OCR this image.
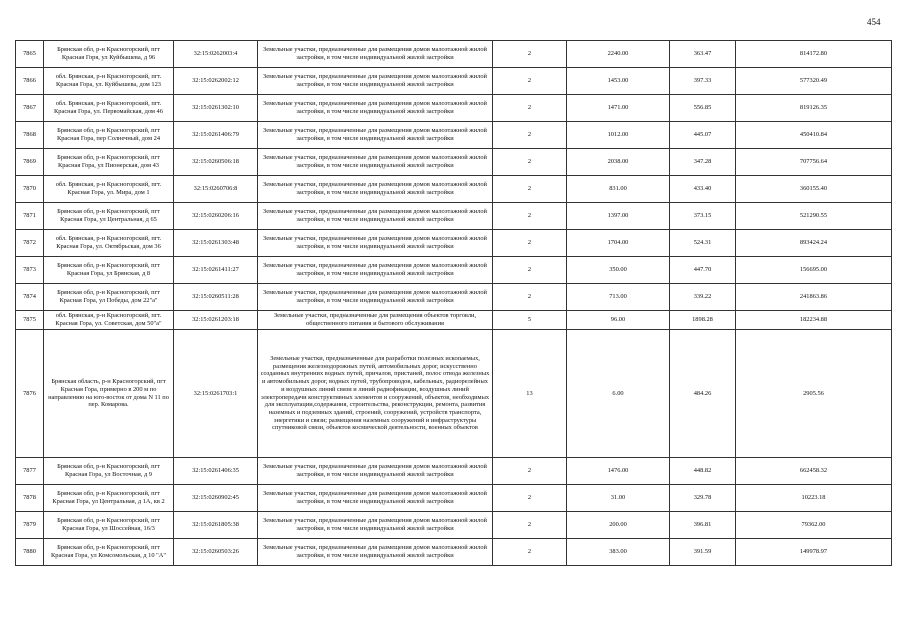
454
7865	Брянская обл, р-н Красногорский, пгт Красная Горя, ул Куйбышева, д 96	32:15:0262003:4	Земельные участки, предназначенные для размещения домов малоэтажной жилой застройки, в том числе индивидуальной жилой застройки	2	2240.00	363.47	814172.80
7866	обл. Брянская, р-н Красногорский, пгт. Красная Гора, ул. Куйбышева, дом 123	32:15:0262002:12	Земельные участки, предназначенные для размещения домов малоэтажной жилой застройки, в том числе индивидуальной жилой застройки	2	1453.00	397.33	577320.49
7867	обл. Брянская, р-н Красногорский, пгт. Красная Гора, ул. Первомайская, дом 46	32:15:0261302:10	Земельные участки, предназначенные для размещения домов малоэтажной жилой застройки, в том числе индивидуальной жилой застройки	2	1471.00	556.85	819126.35
7868	Брянская обл, р-н Красногорский, пгт Красная Гора, пер Солнечный, дом 24	32:15:0261406:79	Земельные участки, предназначенные для размещения домов малоэтажной жилой застройки, в том числе индивидуальной жилой застройки	2	1012.00	445.07	450410.84
7869	Брянская обл, р-н Красногорский, пгт Красная Гора, ул Пионерская, дом 43	32:15:0260506:18	Земельные участки, предназначенные для размещения домов малоэтажной жилой застройки, в том числе индивидуальной жилой застройки	2	2038.00	347.28	707756.64
7870	обл. Брянская, р-н Красногорский, пгт. Красная Гора, ул. Мира, дом 1	32:15:0260706:8	Земельные участки, предназначенные для размещения домов малоэтажной жилой застройки, в том числе индивидуальной жилой застройки	2	831.00	433.40	360155.40
7871	Брянская обл, р-н Красногорский, пгт Красная Гора, ул Центральная, д 65	32:15:0260206:16	Земельные участки, предназначенные для размещения домов малоэтажной жилой застройки, в том числе индивидуальной жилой застройки	2	1397.00	373.15	521290.55
7872	обл. Брянская, р-н Красногорский, пгт. Красная Гора, ул. Октябрьская, дом 36	32:15:0261303:48	Земельные участки, предназначенные для размещения домов малоэтажной жилой застройки, в том числе индивидуальной жилой застройки	2	1704.00	524.31	893424.24
7873	Брянская обл, р-н Красногорский, пгт Красная Гора, ул Брянская, д 8	32:15:0261411:27	Земельные участки, предназначенные для размещения домов малоэтажной жилой застройки, в том числе индивидуальной жилой застройки	2	350.00	447.70	156695.00
7874	Брянская обл, р-н Красногорский, пгт Красная Гора, ул Победы, дом 22"а"	32:15:0260511:28	Земельные участки, предназначенные для размещения домов малоэтажной жилой застройки, в том числе индивидуальной жилой застройки	2	713.00	339.22	241863.86
7875	обл. Брянская, р-н Красногорский, пгт. Красная Гора, ул. Советская, дом 50"а"	32:15:0261203:18	Земельные участки, предназначенные для размещения объектов торговли, общественного питания и бытового обслуживания	5	96.00	1898.28	182234.88
7876	Брянская область, р-н Красногорский, пгт Красная Гора, примерно в 200 м по направлению на юго-восток от дома N 11 по пер. Комарова.	32:15:0261703:1	Земельные участки, предназначенные для разработки полезных ископаемых, размещения железнодорожных путей, автомобильных дорог, искусственно созданных внутренних водных путей, причалов, пристаней, полос отвода железных и автомобильных дорог, водных путей, трубопроводов, кабельных, радиорелейных и воздушных линий связи и линий радиофикации, воздушных линий электропередачи конструктивных элементов и сооружений, объектов, необходимых для эксплуатации,содержания, строительства, реконструкции, ремонта, развития наземных и подземных зданий, строений, сооружений, устройств транспорта, энергетики и связи; размещения наземных сооружений и инфраструктуры спутниковой связи, объектов космической деятельности, военных объектов	13	6.00	484.26	2905.56
7877	Брянская обл, р-н Красногорский, пгт Красная Гора, ул Восточная, д 9	32:15:0261406:35	Земельные участки, предназначенные для размещения домов малоэтажной жилой застройки, в том числе индивидуальной жилой застройки	2	1476.00	448.82	662458.32
7878	Брянская обл, р-н Красногорский, пгт Красная Гора, ул Центральная, д 1А, кв 2	32:15:0260902:45	Земельные участки, предназначенные для размещения домов малоэтажной жилой застройки, в том числе индивидуальной жилой застройки	2	31.00	329.78	10223.18
7879	Брянская обл, р-н Красногорский, пгт Красная Гора, ул Шоссейная, 16/3	32:15:0261805:38	Земельные участки, предназначенные для размещения домов малоэтажной жилой застройки, в том числе индивидуальной жилой застройки	2	200.00	396.81	79362.00
7880	Брянская обл, р-н Красногорский, пгт Красная Гора, ул Комсомольская, д 10 "А"	32:15:0260503:26	Земельные участки, предназначенные для размещения домов малоэтажной жилой застройки, в том числе индивидуальной жилой застройки	2	383.00	391.59	149978.97
